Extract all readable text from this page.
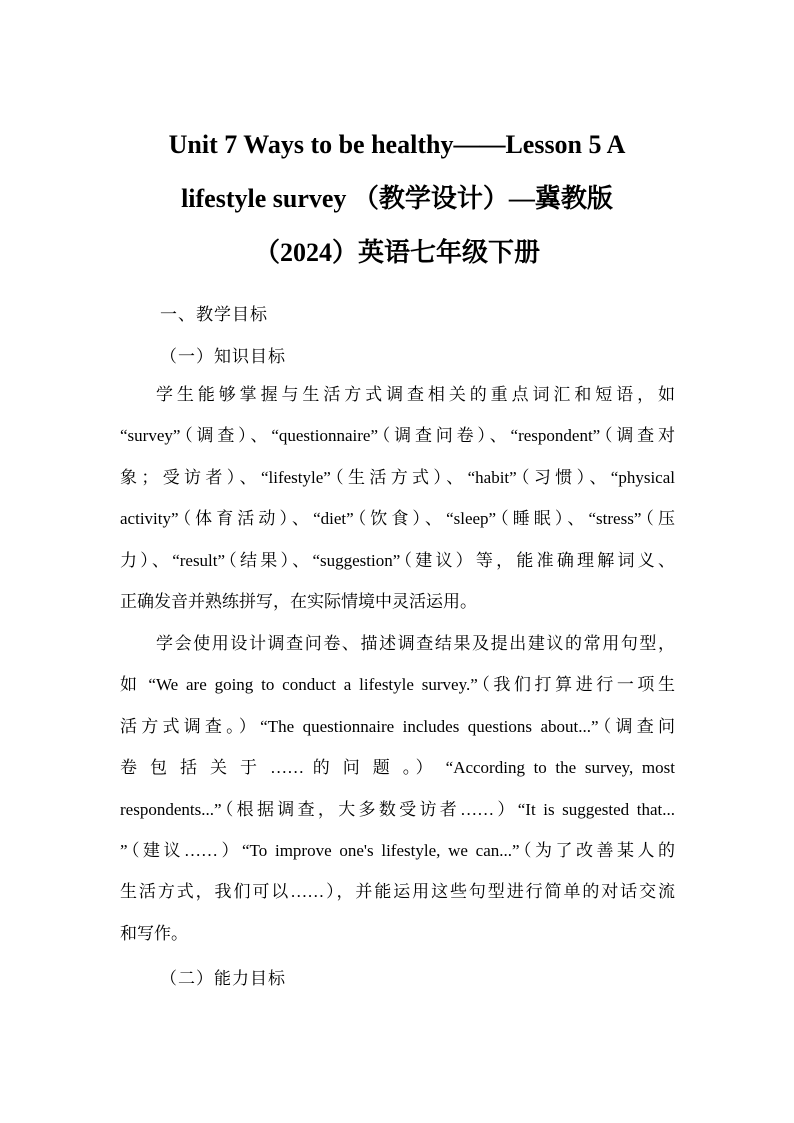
Unit 7 Ways to be healthy——Lesson 5 A
lifestyle survey （教学设计）—冀教版
（2024）英语七年级下册
一、教学目标
（一）知识目标
学生能够掌握与生活方式调查相关的重点词汇和短语，如
“survey”（调查）、“questionnaire”（调查问卷）、“respondent”（调查对
象；受访者）、“lifestyle”（生活方式）、“habit”（习惯）、“physical
activity”（体育活动）、“diet”（饮食）、“sleep”（睡眠）、“stress”（压
力）、“result”（结果）、“suggestion”（建议）等，能准确理解词义、
正确发音并熟练拼写，在实际情境中灵活运用。
学会使用设计调查问卷、描述调查结果及提出建议的常用句型，
如 “We are going to conduct a lifestyle survey.”（我们打算进行一项生
活方式调查。）“The questionnaire includes questions about...”（调查问
卷 包 括 关 于 …… 的 问 题 。） “According to the survey, most
respondents...”（根据调查，大多数受访者……）“It is suggested that...
”（建议……）“To improve one's lifestyle, we can...”（为了改善某人的
生活方式，我们可以……），并能运用这些句型进行简单的对话交流
和写作。
（二）能力目标
